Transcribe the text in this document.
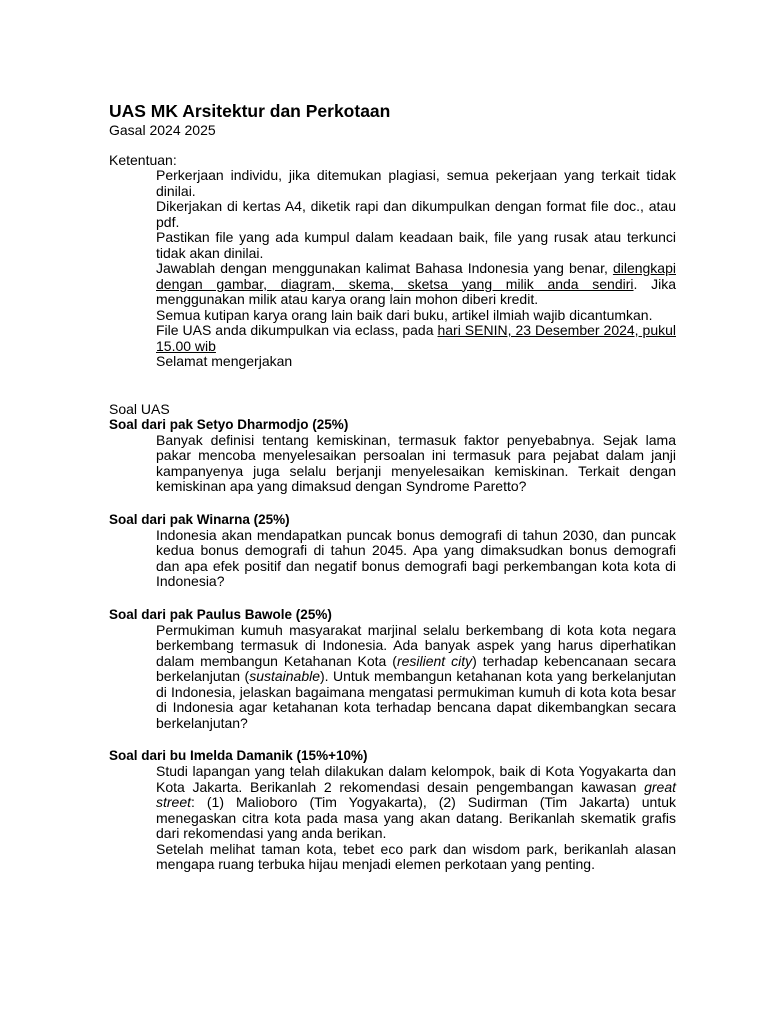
UAS MK Arsitektur dan Perkotaan

Gasal 2024 2025

Ketentuan:

Perkerjaan individu, jika ditemukan plagiasi, semua pekerjaan yang terkait tidak dinilai.

Dikerjakan di kertas A4, diketik rapi dan dikumpulkan dengan format file doc., atau pdf.

Pastikan file yang ada kumpul dalam keadaan baik, file yang rusak atau terkunci tidak akan dinilai.

Jawablah dengan menggunakan kalimat Bahasa Indonesia yang benar, dilengkapi dengan gambar, diagram, skema, sketsa yang milik anda sendiri. Jika menggunakan milik atau karya orang lain mohon diberi kredit.

Semua kutipan karya orang lain baik dari buku, artikel ilmiah wajib dicantumkan.

File UAS anda dikumpulkan via eclass, pada hari SENIN, 23 Desember 2024, pukul 15.00 wib

Selamat mengerjakan

Soal UAS

Soal dari pak Setyo Dharmodjo (25%)

Banyak definisi tentang kemiskinan, termasuk faktor penyebabnya. Sejak lama pakar mencoba menyelesaikan persoalan ini termasuk para pejabat dalam janji kampanyenya juga selalu berjanji menyelesaikan kemiskinan. Terkait dengan kemiskinan apa yang dimaksud dengan Syndrome Paretto?

Soal dari pak Winarna (25%)

Indonesia akan mendapatkan puncak bonus demografi di tahun 2030, dan puncak kedua bonus demografi di tahun 2045. Apa yang dimaksudkan bonus demografi dan apa efek positif dan negatif bonus demografi bagi perkembangan kota kota di Indonesia?

Soal dari pak Paulus Bawole (25%)

Permukiman kumuh masyarakat marjinal selalu berkembang di kota kota negara berkembang termasuk di Indonesia. Ada banyak aspek yang harus diperhatikan dalam membangun Ketahanan Kota (resilient city) terhadap kebencanaan secara berkelanjutan (sustainable). Untuk membangun ketahanan kota yang berkelanjutan di Indonesia, jelaskan bagaimana mengatasi permukiman kumuh di kota kota besar di Indonesia agar ketahanan kota terhadap bencana dapat dikembangkan secara berkelanjutan?

Soal dari bu Imelda Damanik (15%+10%)

Studi lapangan yang telah dilakukan dalam kelompok, baik di Kota Yogyakarta dan Kota Jakarta. Berikanlah 2 rekomendasi desain pengembangan kawasan great street: (1) Malioboro (Tim Yogyakarta), (2) Sudirman (Tim Jakarta) untuk menegaskan citra kota pada masa yang akan datang. Berikanlah skematik grafis dari rekomendasi yang anda berikan.

Setelah melihat taman kota, tebet eco park dan wisdom park, berikanlah alasan mengapa ruang terbuka hijau menjadi elemen perkotaan yang penting.
